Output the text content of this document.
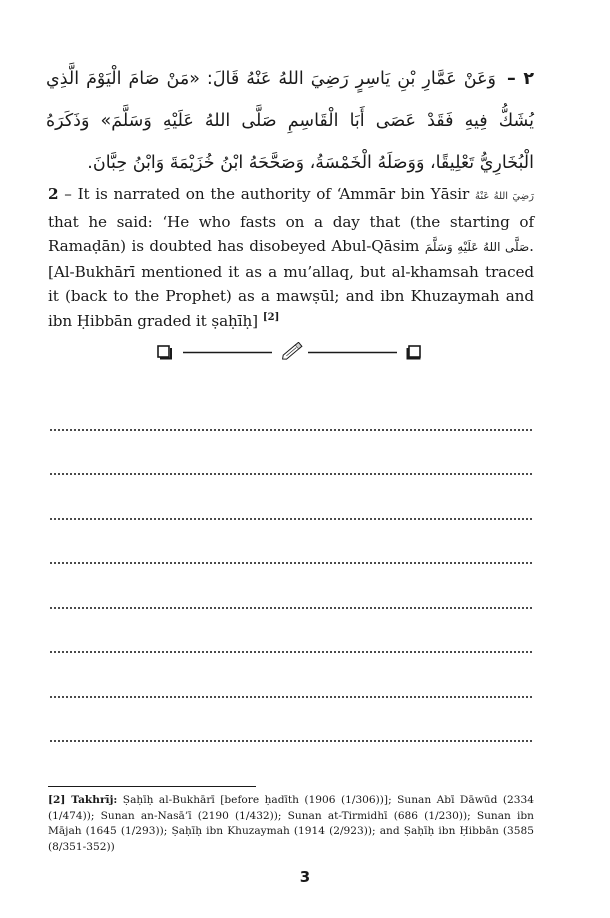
٢ – وَعَنْ عَمَّارِ بْنِ يَاسِرٍ رَضِيَ اللهُ عَنْهُ قَالَ: «مَنْ صَامَ الْيَوْمَ الَّذِي يُشَكُّ فِيهِ فَقَدْ عَصَى أَبَا الْقَاسِمِ صَلَّى اللهُ عَلَيْهِ وَسَلَّمَ» وَذَكَرَهُ الْبُخَارِيُّ تَعْلِيقًا، وَوَصَلَهُ الْخَمْسَةُ، وَصَحَّحَهُ ابْنُ خُزَيْمَةَ وَابْنُ حِبَّانَ.
2 – It is narrated on the authority of ‘Ammār bin Yāsir رَضِيَ اللهُ عَنْهُ that he said: ‘He who fasts on a day that (the starting of Ramaḍān) is doubted has disobeyed Abul-Qāsim صَلَّى اللهُ عَلَيْهِ وَسَلَّمَ. [Al-Bukhārī mentioned it as a mu’allaq, but al-khamsah traced it (back to the Prophet) as a mawṣūl; and ibn Khuzaymah and ibn Ḥibbān graded it ṣaḥīḥ] [2]
[2] Takhrīj: Ṣaḥīḥ al-Bukhārī [before ḥadīth (1906 (1/306))]; Sunan Abī Dāwūd (2334 (1/474)); Sunan an-Nasā’ī (2190 (1/432)); Sunan at-Tirmidhī (686 (1/230)); Sunan ibn Mājah (1645 (1/293)); Ṣaḥīḥ ibn Khuzaymah (1914 (2/923)); and Ṣaḥīḥ ibn Ḥibbān (3585 (8/351-352))
3
